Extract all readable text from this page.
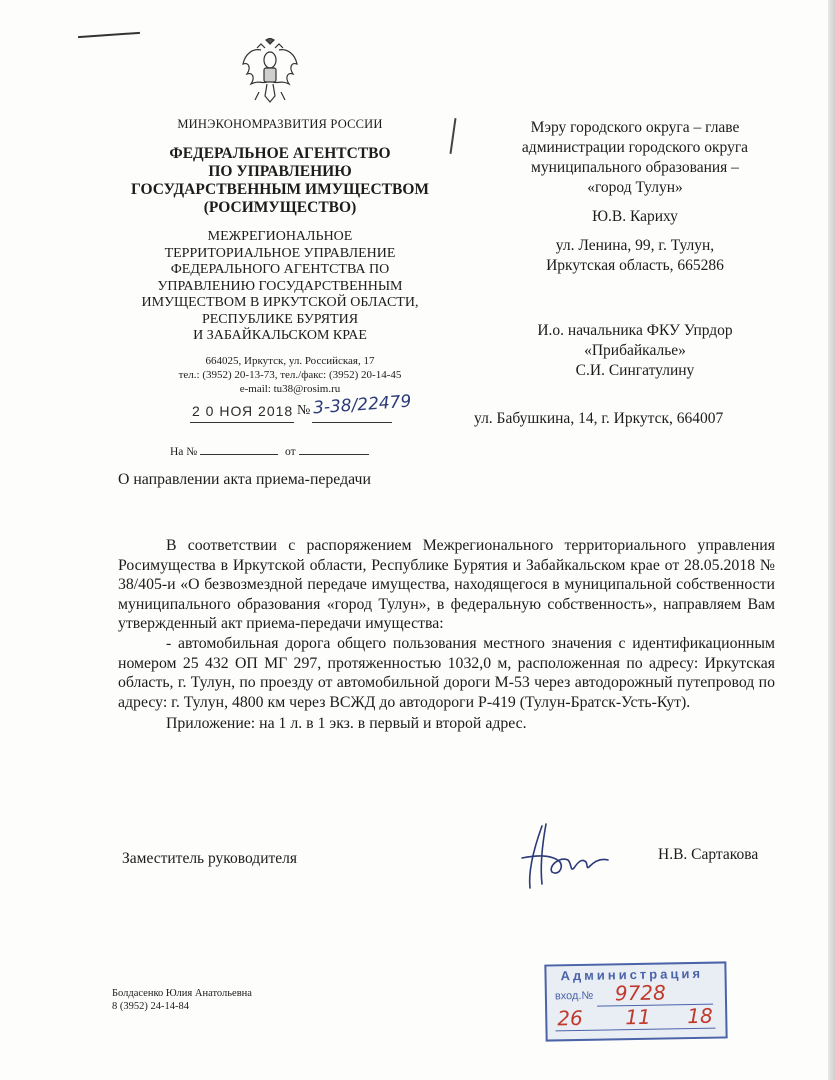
МИНЭКОНОМРАЗВИТИЯ РОССИИ
ФЕДЕРАЛЬНОЕ АГЕНТСТВО
ПО УПРАВЛЕНИЮ
ГОСУДАРСТВЕННЫМ ИМУЩЕСТВОМ
(РОСИМУЩЕСТВО)
МЕЖРЕГИОНАЛЬНОЕ
ТЕРРИТОРИАЛЬНОЕ УПРАВЛЕНИЕ
ФЕДЕРАЛЬНОГО АГЕНТСТВА ПО
УПРАВЛЕНИЮ ГОСУДАРСТВЕННЫМ
ИМУЩЕСТВОМ В ИРКУТСКОЙ ОБЛАСТИ,
РЕСПУБЛИКЕ БУРЯТИЯ
И ЗАБАЙКАЛЬСКОМ КРАЕ
664025, Иркутск, ул. Российская, 17
тел.: (3952) 20-13-73, тел./факс: (3952) 20-14-45
e-mail: tu38@rosim.ru
2 0 НОЯ 2018 № 3-38/22479
На №	от
Мэру городского округа – главе
администрации городского округа
муниципального образования –
«город Тулун»
Ю.В. Кариху
ул. Ленина, 99, г. Тулун,
Иркутская область, 665286
И.о. начальника ФКУ Упрдор
«Прибайкалье»
С.И. Сингатулину
ул. Бабушкина, 14, г. Иркутск, 664007
О направлении акта приема-передачи
В соответствии с распоряжением Межрегионального территориального управления Росимущества в Иркутской области, Республике Бурятия и Забайкальском крае от 28.05.2018 № 38/405-и «О безвозмездной передаче имущества, находящегося в муниципальной собственности муниципального образования «город Тулун», в федеральную собственность», направляем Вам утвержденный акт приема-передачи имущества:
- автомобильная дорога общего пользования местного значения с идентификационным номером 25 432 ОП МГ 297, протяженностью 1032,0 м, расположенная по адресу: Иркутская область, г. Тулун, по проезду от автомобильной дороги М-53 через автодорожный путепровод по адресу: г. Тулун, 4800 км через ВСЖД до автодороги Р-419 (Тулун-Братск-Усть-Кут).
Приложение: на 1 л. в 1 экз. в первый и второй адрес.
Заместитель руководителя	Н.В. Сартакова
Болдасенко Юлия Анатольевна
8 (3952) 24-14-84
Администрация
вход.№ 9728
26 11 18
